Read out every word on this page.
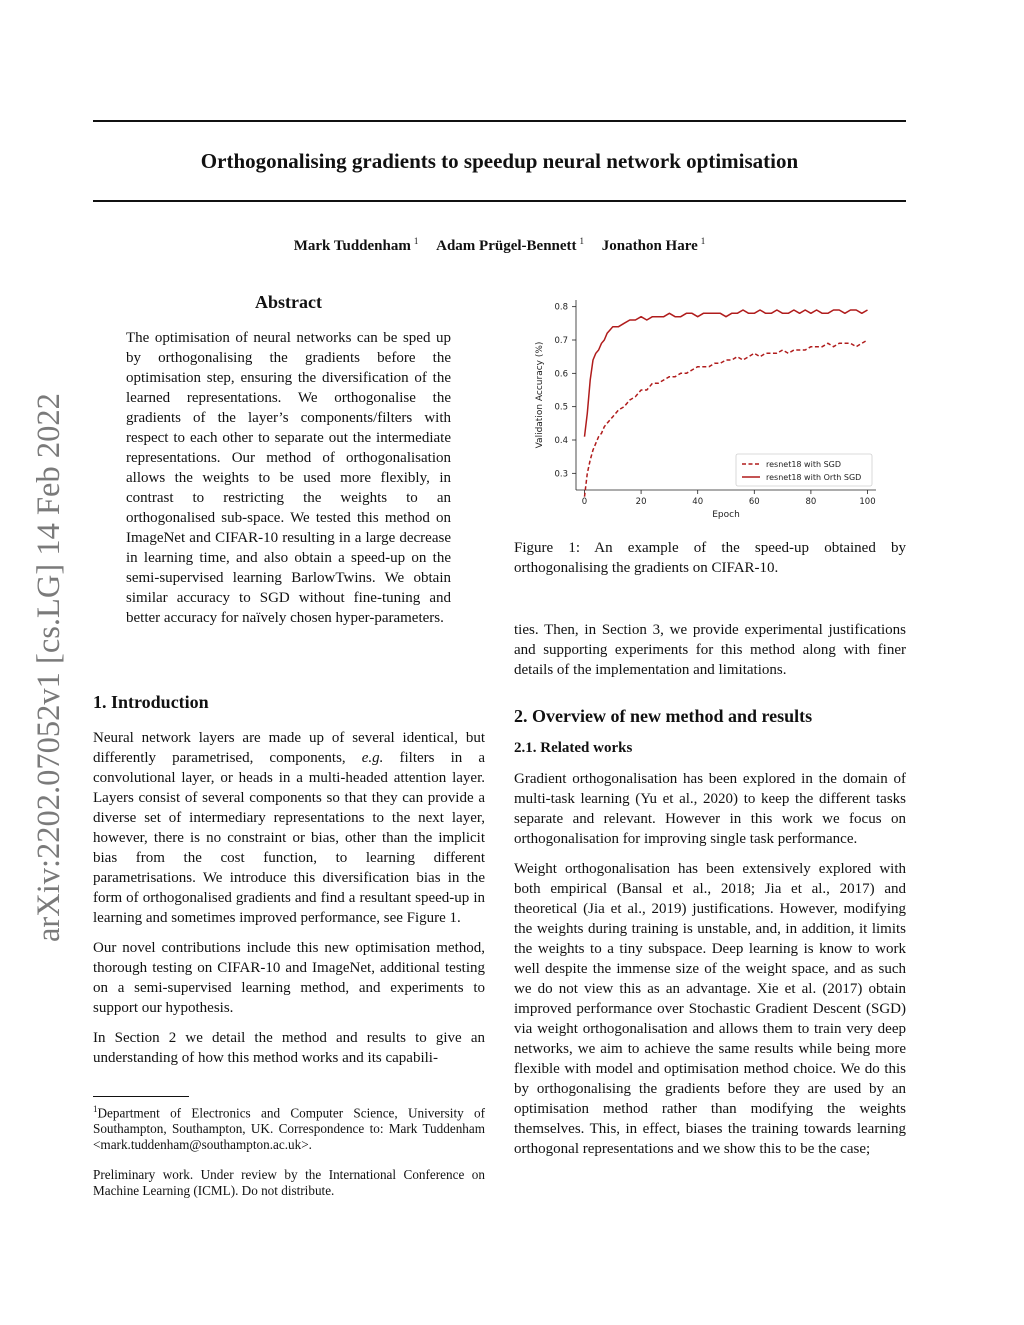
Orthogonalising gradients to speedup neural network optimisation
Mark Tuddenham $^1$ Adam Prügel-Bennett $^1$ Jonathon Hare $^1$
arXiv:2202.07052v1 [cs.LG] 14 Feb 2022
Abstract

The optimisation of neural networks can be sped up by orthogonalising the gradients before the optimisation step, ensuring the diversification of the learned representations. We orthogonalise the gradients of the layer’s components/filters with respect to each other to separate out the intermediate representations. Our method of orthogonalisation allows the weights to be used more flexibly, in contrast to restricting the weights to an orthogonalised sub-space. We tested this method on ImageNet and CIFAR-10 resulting in a large decrease in learning time, and also obtain a speed-up on the semi-supervised learning BarlowTwins. We obtain similar accuracy to SGD without fine-tuning and better accuracy for naïvely chosen hyper-parameters.

1. Introduction

Neural network layers are made up of several identical, but differently parametrised, components, e.g. filters in a convolutional layer, or heads in a multi-headed attention layer. Layers consist of several components so that they can provide a diverse set of intermediary representations to the next layer, however, there is no constraint or bias, other than the implicit bias from the cost function, to learning different parametrisations. We introduce this diversification bias in the form of orthogonalised gradients and find a resultant speed-up in learning and sometimes improved performance, see Figure 1.

Our novel contributions include this new optimisation method, thorough testing on CIFAR-10 and ImageNet, additional testing on a semi-supervised learning method, and experiments to support our hypothesis.

In Section 2 we detail the method and results to give an understanding of how this method works and its capabili-

$^1$Department of Electronics and Computer Science, University of Southampton, Southampton, UK. Correspondence to: Mark Tuddenham <mark.tuddenham@southampton.ac.uk>.

Preliminary work. Under review by the International Conference on Machine Learning (ICML). Do not distribute.

0.3
0.4
0.5
0.6
0.7
0.8
0	20	40	60	80	100
Epoch
Validation Accuracy (%)
resnet18 with SGD
resnet18 with Orth SGD

Figure 1: An example of the speed-up obtained by orthogonalising the gradients on CIFAR-10.

ties. Then, in Section 3, we provide experimental justifications and supporting experiments for this method along with finer details of the implementation and limitations.

2. Overview of new method and results
2.1. Related works

Gradient orthogonalisation has been explored in the domain of multi-task learning (Yu et al., 2020) to keep the different tasks separate and relevant. However in this work we focus on orthogonalisation for improving single task performance.

Weight orthogonalisation has been extensively explored with both empirical (Bansal et al., 2018; Jia et al., 2017) and theoretical (Jia et al., 2019) justifications. However, modifying the weights during training is unstable, and, in addition, it limits the weights to a tiny subspace. Deep learning is know to work well despite the immense size of the weight space, and as such we do not view this as an advantage. Xie et al. (2017) obtain improved performance over Stochastic Gradient Descent (SGD) via weight orthogonalisation and allows them to train very deep networks, we aim to achieve the same results while being more flexible with model and optimisation method choice. We do this by orthogonalising the gradients before they are used by an optimisation method rather than modifying the weights themselves. This, in effect, biases the training towards learning orthogonal representations and we show this to be the case;
